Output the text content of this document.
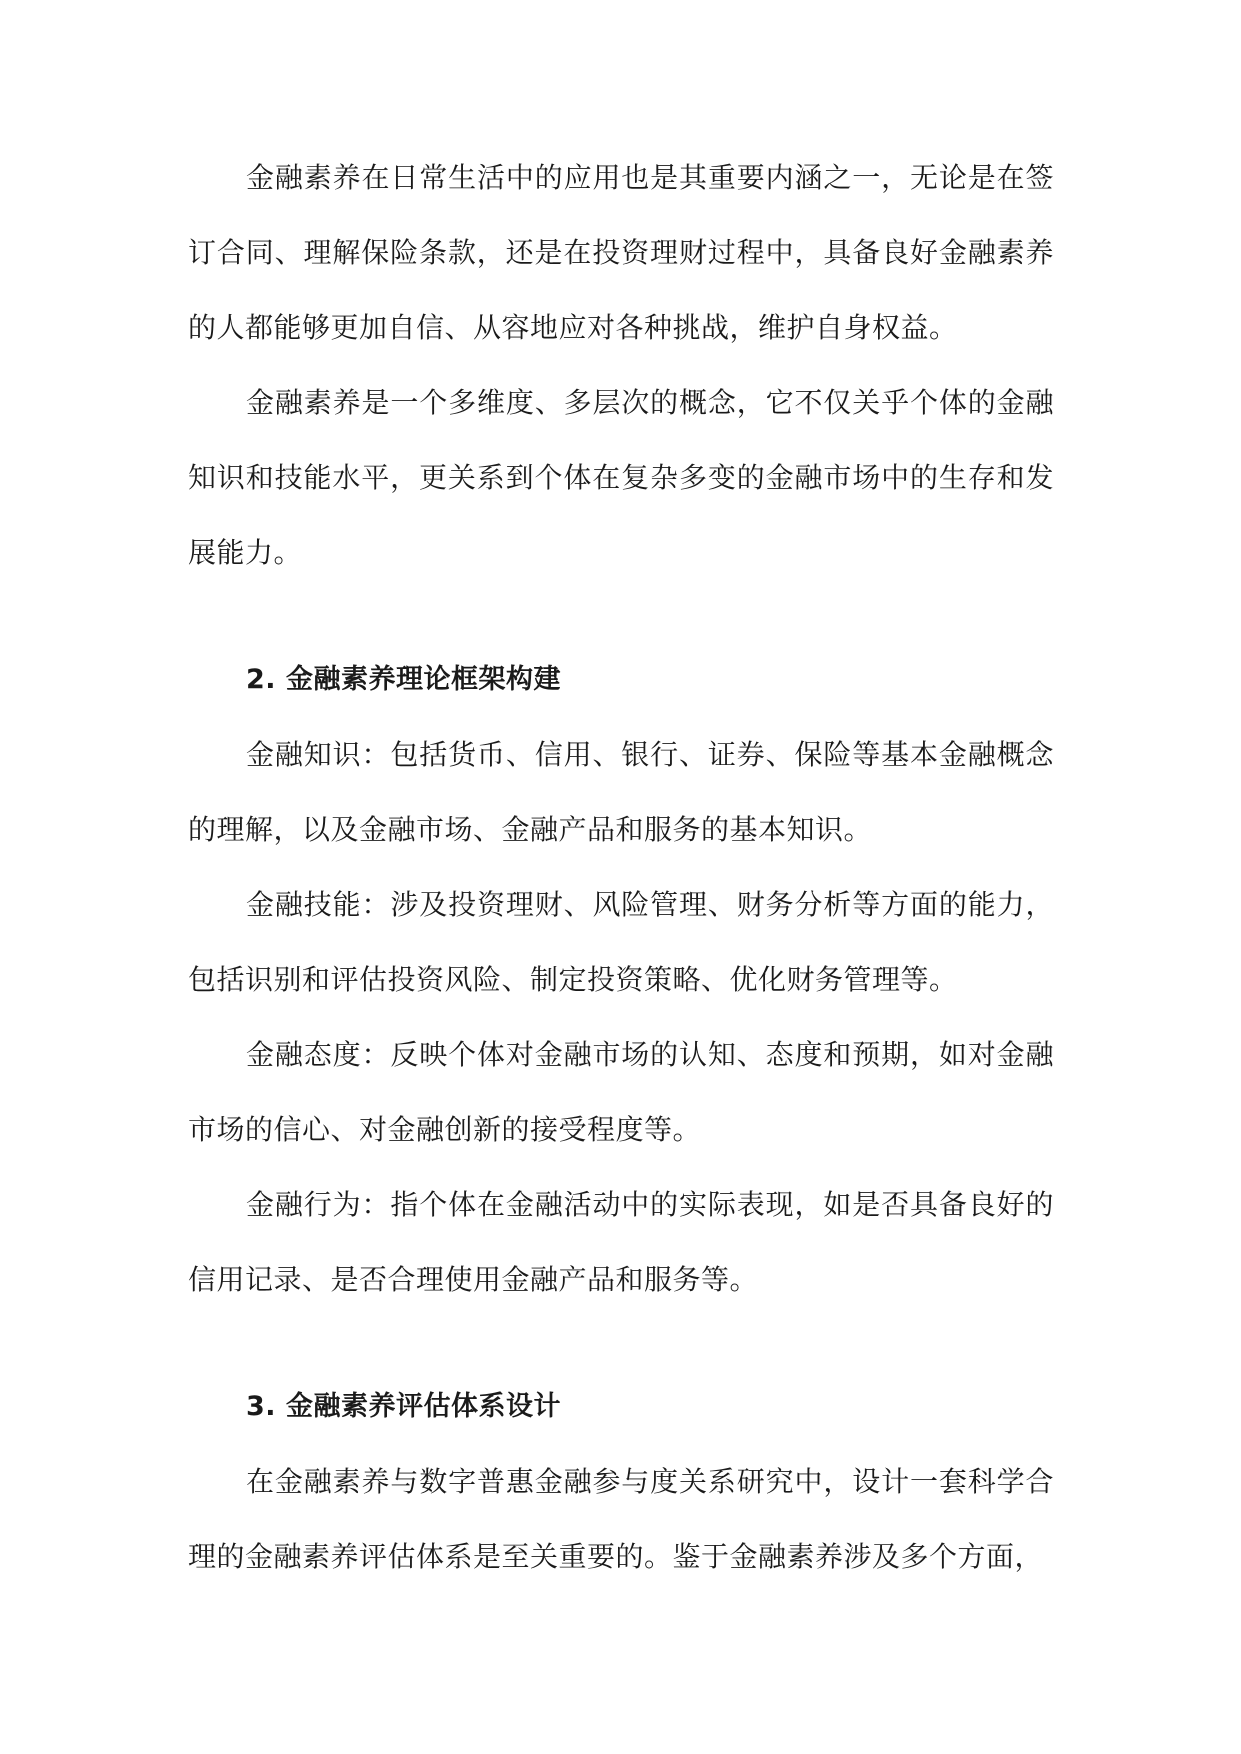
金融素养在日常生活中的应用也是其重要内涵之一，无论是在签订合同、理解保险条款，还是在投资理财过程中，具备良好金融素养的人都能够更加自信、从容地应对各种挑战，维护自身权益。

金融素养是一个多维度、多层次的概念，它不仅关乎个体的金融知识和技能水平，更关系到个体在复杂多变的金融市场中的生存和发展能力。

2. 金融素养理论框架构建

金融知识：包括货币、信用、银行、证券、保险等基本金融概念的理解，以及金融市场、金融产品和服务的基本知识。

金融技能：涉及投资理财、风险管理、财务分析等方面的能力，包括识别和评估投资风险、制定投资策略、优化财务管理等。

金融态度：反映个体对金融市场的认知、态度和预期，如对金融市场的信心、对金融创新的接受程度等。

金融行为：指个体在金融活动中的实际表现，如是否具备良好的信用记录、是否合理使用金融产品和服务等。

3. 金融素养评估体系设计

在金融素养与数字普惠金融参与度关系研究中，设计一套科学合理的金融素养评估体系是至关重要的。鉴于金融素养涉及多个方面，
